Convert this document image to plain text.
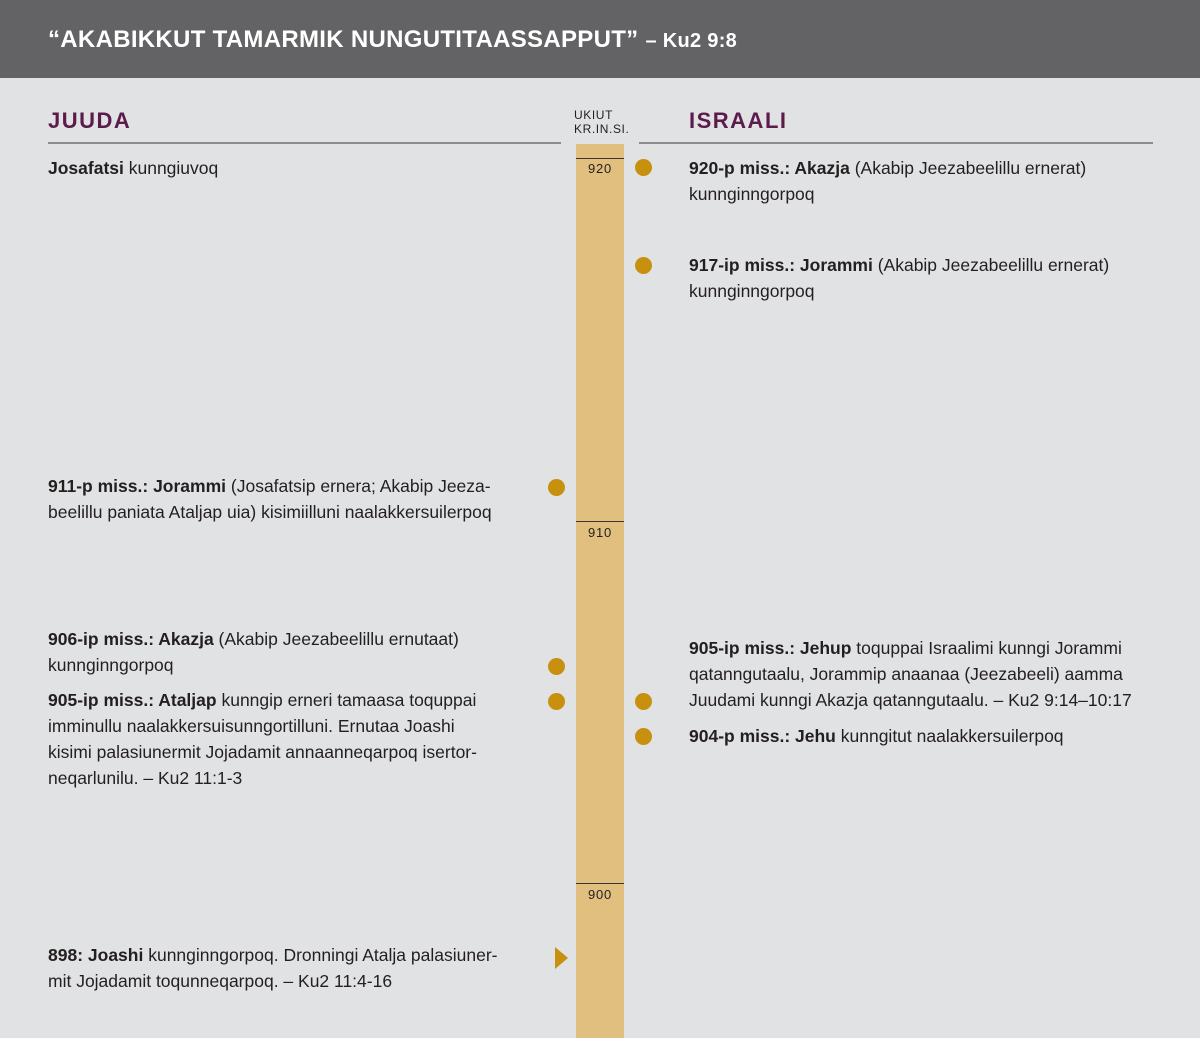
“AKABIKKUT TAMARMIK NUNGUTITAASSAPPUT” – Ku2 9:8
JUUDA	ISRAALI
UKIUT
KR.IN.SI.
920
910
900
Josafatsi kunngiuvoq
911-p miss.: Jorammi (Josafatsip ernera; Akabip Jeeza-
beelillu paniata Ataljap uia) kisimiilluni naalakkersuilerpoq
906-ip miss.: Akazja (Akabip Jeezabeelillu ernutaat)
kunnginngorpoq
905-ip miss.: Ataljap kunngip erneri tamaasa toquppai
imminullu naalakkersuisunngortilluni. Ernutaa Joashi
kisimi palasiunermit Jojadamit annaanneqarpoq isertor-
neqarlunilu. – Ku2 11:1-3
898: Joashi kunnginngorpoq. Dronningi Atalja palasiuner-
mit Jojadamit toqunneqarpoq. – Ku2 11:4-16
920-p miss.: Akazja (Akabip Jeezabeelillu ernerat)
kunnginngorpoq
917-ip miss.: Jorammi (Akabip Jeezabeelillu ernerat)
kunnginngorpoq
905-ip miss.: Jehup toquppai Israalimi kunngi Jorammi
qatanngutaalu, Jorammip anaanaa (Jeezabeeli) aamma
Juudami kunngi Akazja qatanngutaalu. – Ku2 9:14–10:17
904-p miss.: Jehu kunngitut naalakkersuilerpoq
